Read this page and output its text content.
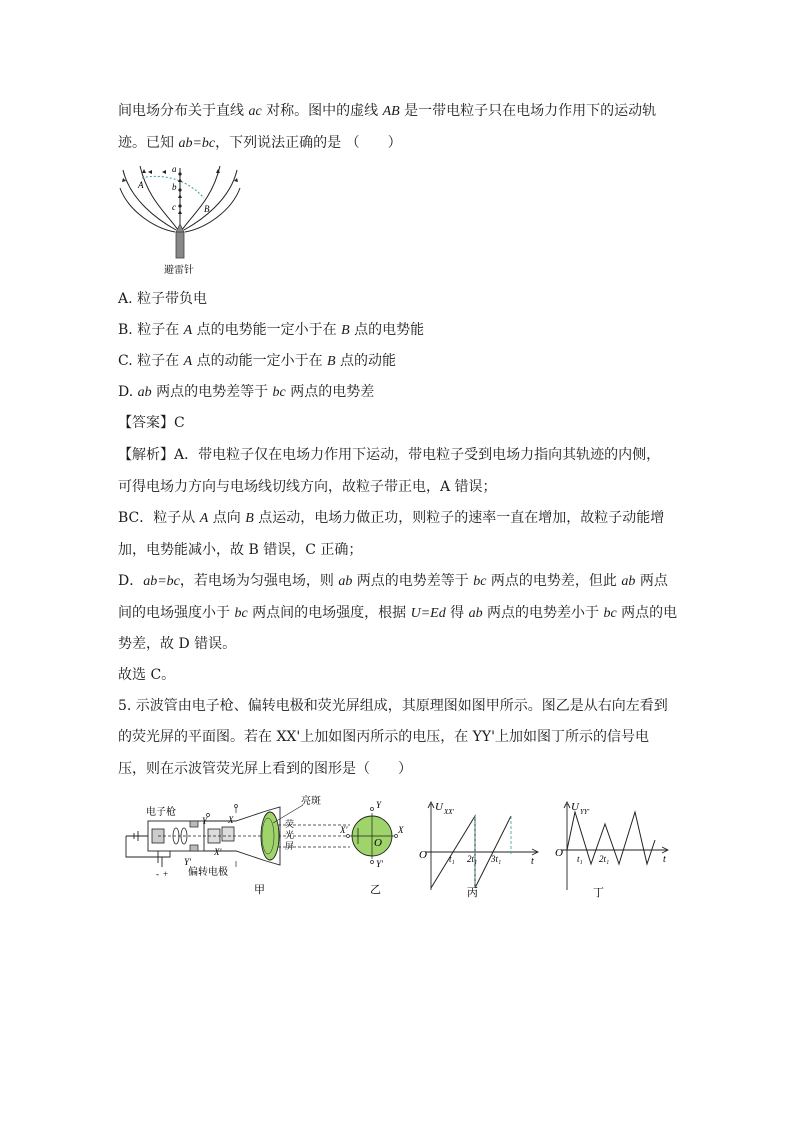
间电场分布关于直线 ac 对称。图中的虚线 AB 是一带电粒子只在电场力作用下的运动轨
迹。已知 ab=bc，下列说法正确的是 （　　）
a
b
c
A
B
避雷针
A. 粒子带负电
B. 粒子在 A 点的电势能一定小于在 B 点的电势能
C. 粒子在 A 点的动能一定小于在 B 点的动能
D. ab 两点的电势差等于 bc 两点的电势差
【答案】C
【解析】A．带电粒子仅在电场力作用下运动，带电粒子受到电场力指向其轨迹的内侧，
可得电场力方向与电场线切线方向，故粒子带正电，A 错误；
BC．粒子从 A 点向 B 点运动，电场力做正功，则粒子的速率一直在增加，故粒子动能增
加，电势能减小，故 B 错误，C 正确；
D．ab=bc，若电场为匀强电场，则 ab 两点的电势差等于 bc 两点的电势差，但此 ab 两点
间的电场强度小于 bc 两点间的电场强度，根据 U=Ed 得 ab 两点的电势差小于 bc 两点的电
势差，故 D 错误。
故选 C。
5. 示波管由电子枪、偏转电极和荧光屏组成，其原理图如图甲所示。图乙是从右向左看到
的荧光屏的平面图。若在 XX'上加如图丙所示的电压，在 YY'上加如图丁所示的信号电
压，则在示波管荧光屏上看到的图形是（　　）
电子枪
偏转电极
亮斑
荧
光
屏
Y
Y'
X
X'
- +
甲
Y
Y'
X
X'
O
乙
U XX'
O
t
t₁ 2t₁ 3t₁
丙
U YY'
O
t
t₁ 2t₁
丁
